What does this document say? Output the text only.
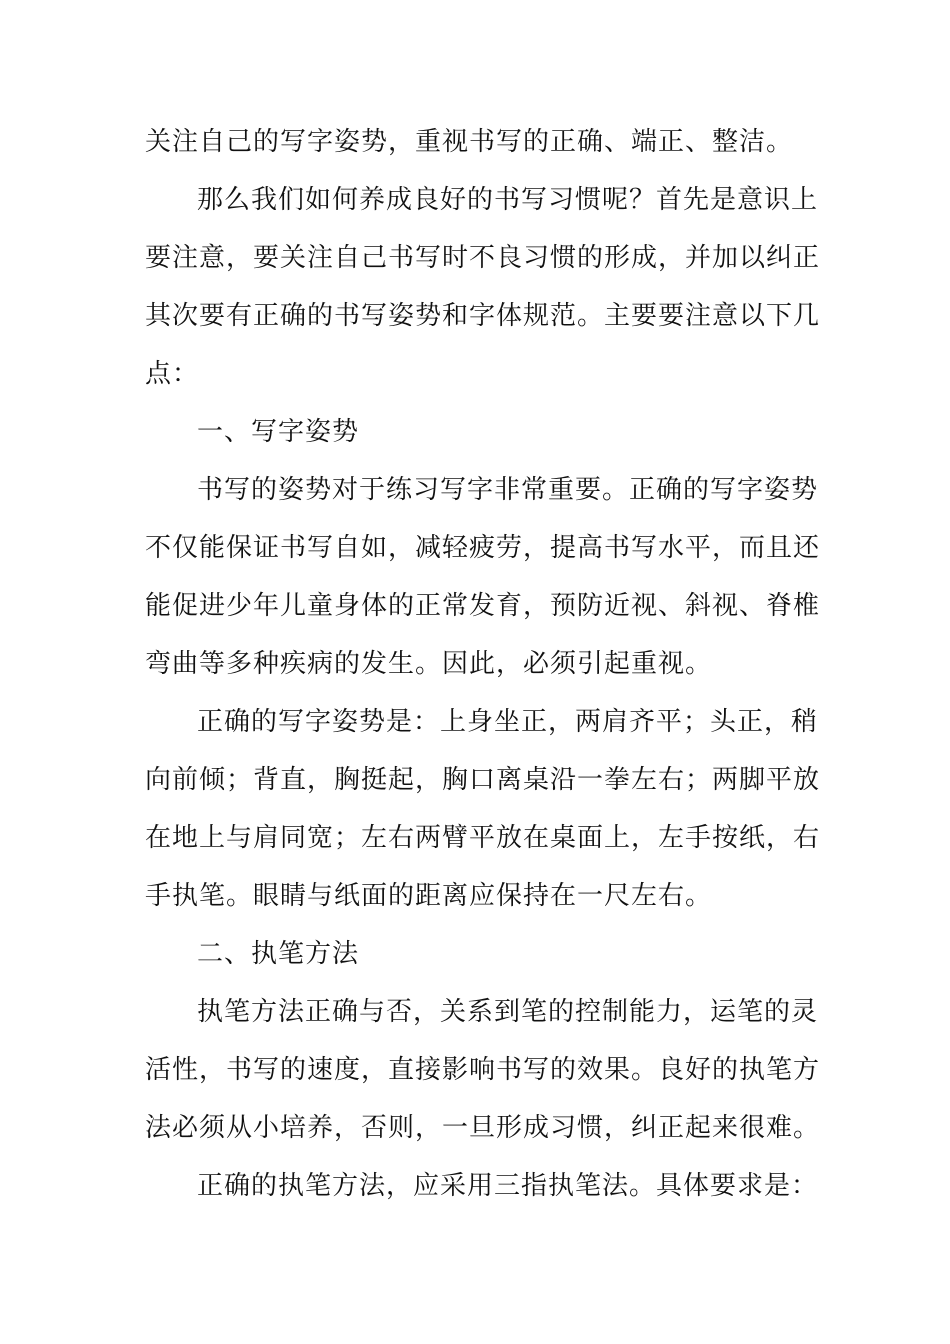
关注自己的写字姿势，重视书写的正确、端正、整洁。
那么我们如何养成良好的书写习惯呢？首先是意识上
要注意，要关注自己书写时不良习惯的形成，并加以纠正
其次要有正确的书写姿势和字体规范。主要要注意以下几
点：
一、写字姿势
书写的姿势对于练习写字非常重要。正确的写字姿势
不仅能保证书写自如，减轻疲劳，提高书写水平，而且还
能促进少年儿童身体的正常发育，预防近视、斜视、脊椎
弯曲等多种疾病的发生。因此，必须引起重视。
正确的写字姿势是：上身坐正，两肩齐平；头正，稍
向前倾；背直，胸挺起，胸口离桌沿一拳左右；两脚平放
在地上与肩同宽；左右两臂平放在桌面上，左手按纸，右
手执笔。眼睛与纸面的距离应保持在一尺左右。
二、执笔方法
执笔方法正确与否，关系到笔的控制能力，运笔的灵
活性，书写的速度，直接影响书写的效果。良好的执笔方
法必须从小培养，否则，一旦形成习惯，纠正起来很难。
正确的执笔方法，应采用三指执笔法。具体要求是：
